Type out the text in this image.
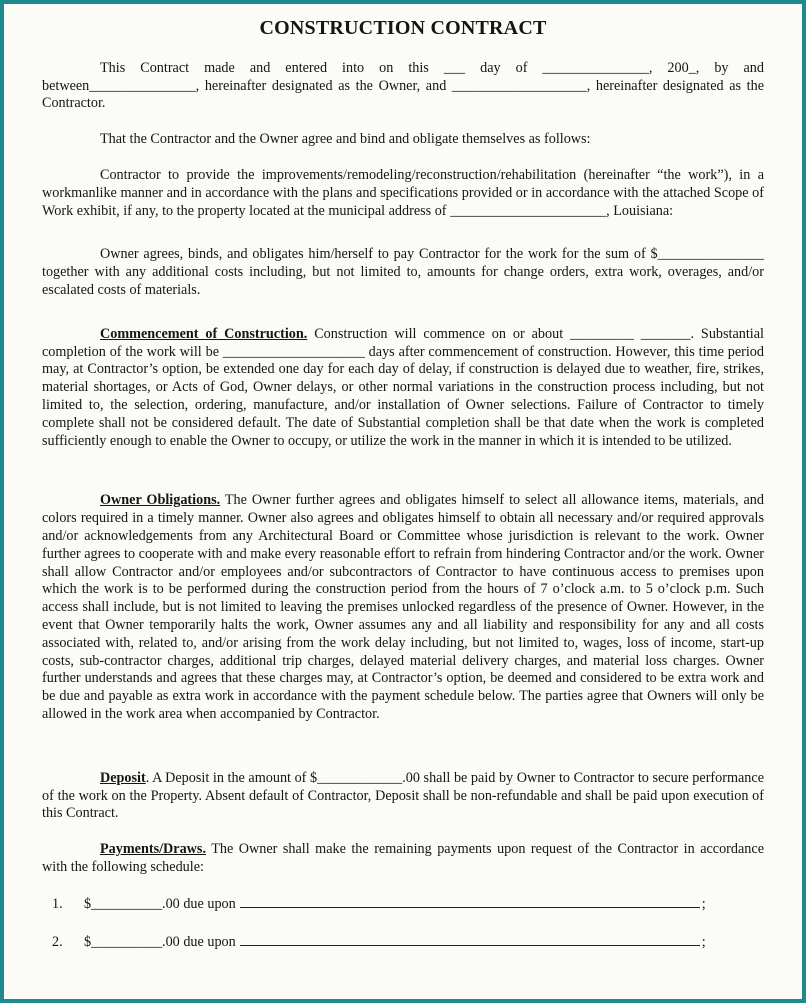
CONSTRUCTION CONTRACT

This Contract made and entered into on this ___ day of _______________, 200_, by and between_______________, hereinafter designated as the Owner, and ___________________, hereinafter designated as the Contractor.

That the Contractor and the Owner agree and bind and obligate themselves as follows:

Contractor to provide the improvements/remodeling/reconstruction/rehabilitation (hereinafter “the work”), in a workmanlike manner and in accordance with the plans and specifications provided or in accordance with the attached Scope of Work exhibit, if any, to the property located at the municipal address of ______________________, Louisiana:

Owner agrees, binds, and obligates him/herself to pay Contractor for the work for the sum of $_______________ together with any additional costs including, but not limited to, amounts for change orders, extra work, overages, and/or escalated costs of materials.

Commencement of Construction. Construction will commence on or about _________ _______. Substantial completion of the work will be ____________________ days after commencement of construction. However, this time period may, at Contractor’s option, be extended one day for each day of delay, if construction is delayed due to weather, fire, strikes, material shortages, or Acts of God, Owner delays, or other normal variations in the construction process including, but not limited to, the selection, ordering, manufacture, and/or installation of Owner selections. Failure of Contractor to timely complete shall not be considered default. The date of Substantial completion shall be that date when the work is completed sufficiently enough to enable the Owner to occupy, or utilize the work in the manner in which it is intended to be utilized.

Owner Obligations. The Owner further agrees and obligates himself to select all allowance items, materials, and colors required in a timely manner. Owner also agrees and obligates himself to obtain all necessary and/or required approvals and/or acknowledgements from any Architectural Board or Committee whose jurisdiction is relevant to the work. Owner further agrees to cooperate with and make every reasonable effort to refrain from hindering Contractor and/or the work. Owner shall allow Contractor and/or employees and/or subcontractors of Contractor to have continuous access to premises upon which the work is to be performed during the construction period from the hours of 7 o’clock a.m. to 5 o’clock p.m. Such access shall include, but is not limited to leaving the premises unlocked regardless of the presence of Owner. However, in the event that Owner temporarily halts the work, Owner assumes any and all liability and responsibility for any and all costs associated with, related to, and/or arising from the work delay including, but not limited to, wages, loss of income, start-up costs, sub-contractor charges, additional trip charges, delayed material delivery charges, and material loss charges. Owner further understands and agrees that these charges may, at Contractor’s option, be deemed and considered to be extra work and be due and payable as extra work in accordance with the payment schedule below. The parties agree that Owners will only be allowed in the work area when accompanied by Contractor.

Deposit. A Deposit in the amount of $____________.00 shall be paid by Owner to Contractor to secure performance of the work on the Property. Absent default of Contractor, Deposit shall be non-refundable and shall be paid upon execution of this Contract.

Payments/Draws. The Owner shall make the remaining payments upon request of the Contractor in accordance with the following schedule:

1.	$__________.00 due upon	;
2.	$__________.00 due upon	;
